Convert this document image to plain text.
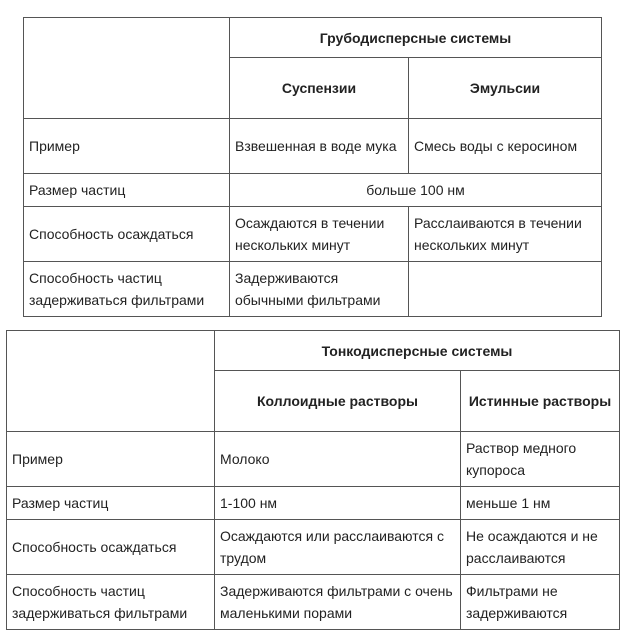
	Грубодисперсные системы	
	Суспензии	Эмульсии
Пример	Взвешенная в воде мука	Смесь воды с керосином
Размер частиц	больше 100 нм	
Способность осаждаться	Осаждаются в течении нескольких минут	Расслаиваются в течении нескольких минут
Способность частиц задерживаться фильтрами	Задерживаются обычными фильтрами	
	Тонкодисперсные системы	
	Коллоидные растворы	Истинные растворы
Пример	Молоко	Раствор медного купороса
Размер частиц	1-100 нм	меньше 1 нм
Способность осаждаться	Осаждаются или расслаиваются с трудом	Не осаждаются и не расслаиваются
Способность частиц задерживаться фильтрами	Задерживаются фильтрами с очень маленькими порами	Фильтрами не задерживаются
